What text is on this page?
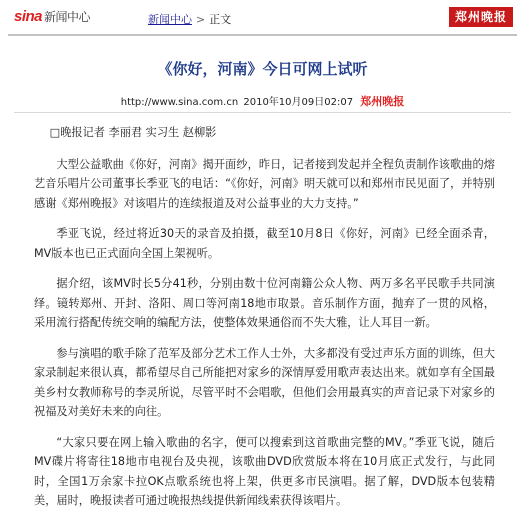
sina 新闻中心	新闻中心 > 正文	郑州晚报
《你好，河南》今日可网上试听
http://www.sina.com.cn 2010年10月09日02:07 郑州晚报

□晚报记者 李丽君 实习生 赵柳影

大型公益歌曲《你好，河南》揭开面纱，昨日，记者接到发起并全程负责制作该歌曲的熔艺音乐唱片公司董事长季亚飞的电话：“《你好，河南》明天就可以和郑州市民见面了，并特别感谢《郑州晚报》对该唱片的连续报道及对公益事业的大力支持。”

季亚飞说，经过将近30天的录音及拍摄，截至10月8日《你好，河南》已经全面杀青，MV版本也已正式面向全国上架视听。

据介绍，该MV时长5分41秒，分别由数十位河南籍公众人物、两万多名平民歌手共同演绎。镜转郑州、开封、洛阳、周口等河南18地市取景。音乐制作方面，抛弃了一贯的风格，采用流行搭配传统交响的编配方法，使整体效果通俗而不失大雅，让人耳目一新。

参与演唱的歌手除了范军及部分艺术工作人士外，大多都没有受过声乐方面的训练，但大家录制起来很认真，都希望尽自己所能把对家乡的深情厚爱用歌声表达出来。就如享有全国最美乡村女教师称号的李灵所说，尽管平时不会唱歌，但他们会用最真实的声音记录下对家乡的祝福及对美好未来的向往。

“大家只要在网上输入歌曲的名字，便可以搜索到这首歌曲完整的MV。”季亚飞说，随后MV碟片将寄往18地市电视台及央视，该歌曲DVD欣赏版本将在10月底正式发行，与此同时，全国1万余家卡拉OK点歌系统也将上架，供更多市民演唱。据了解，DVD版本包装精美，届时，晚报读者可通过晚报热线提供新闻线索获得该唱片。
